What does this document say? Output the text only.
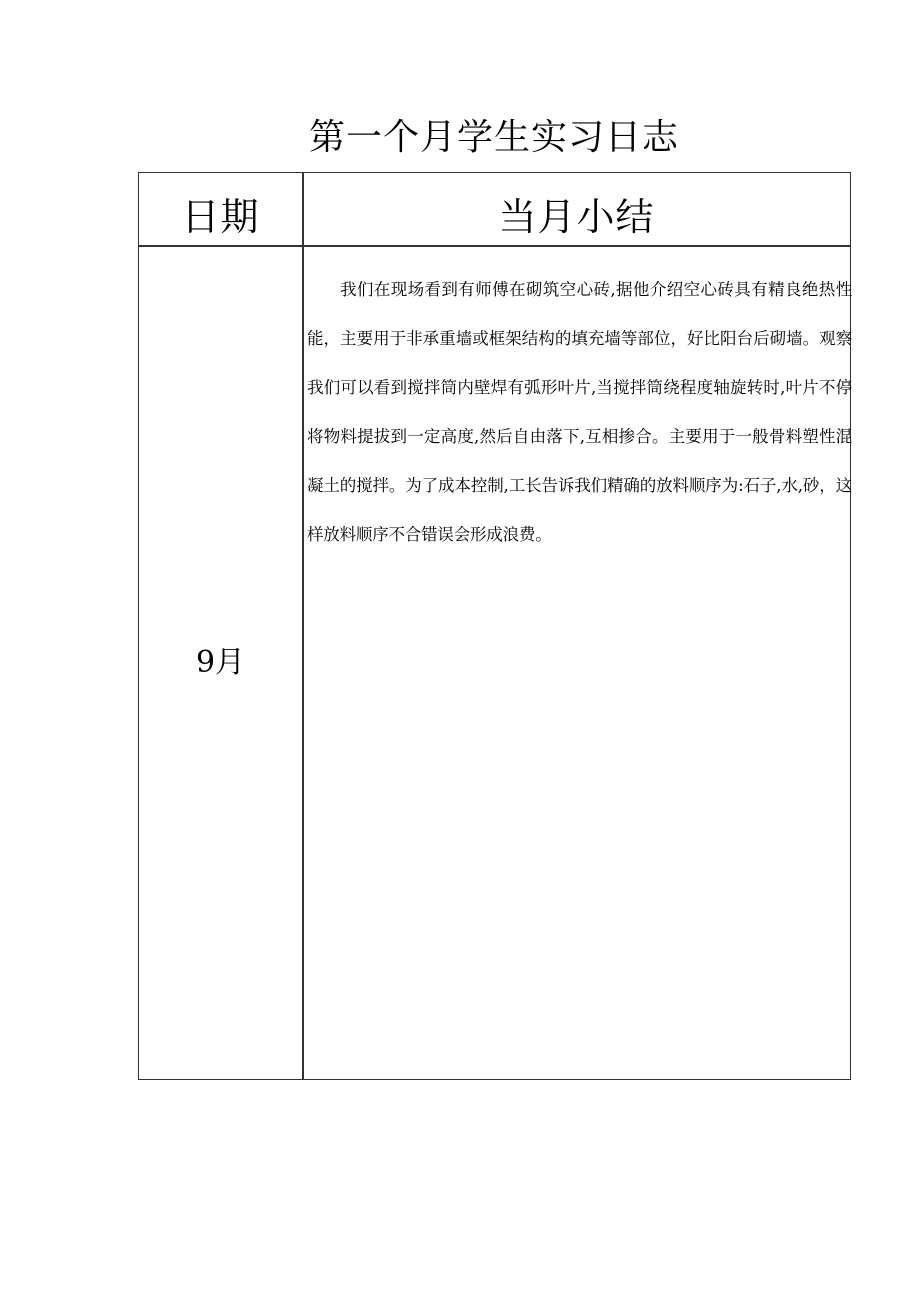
第一个月学生实习日志
日期	当月小结
9月

我们在现场看到有师傅在砌筑空心砖,据他介绍空心砖具有精良绝热性能，主要用于非承重墙或框架结构的填充墙等部位，好比阳台后砌墙。观察我们可以看到搅拌筒内壁焊有弧形叶片,当搅拌筒绕程度轴旋转时,叶片不停将物料提拔到一定高度,然后自由落下,互相掺合。主要用于一般骨料塑性混凝土的搅拌。为了成本控制,工长告诉我们精确的放料顺序为:石子,水,砂，这样放料顺序不合错误会形成浪费。
